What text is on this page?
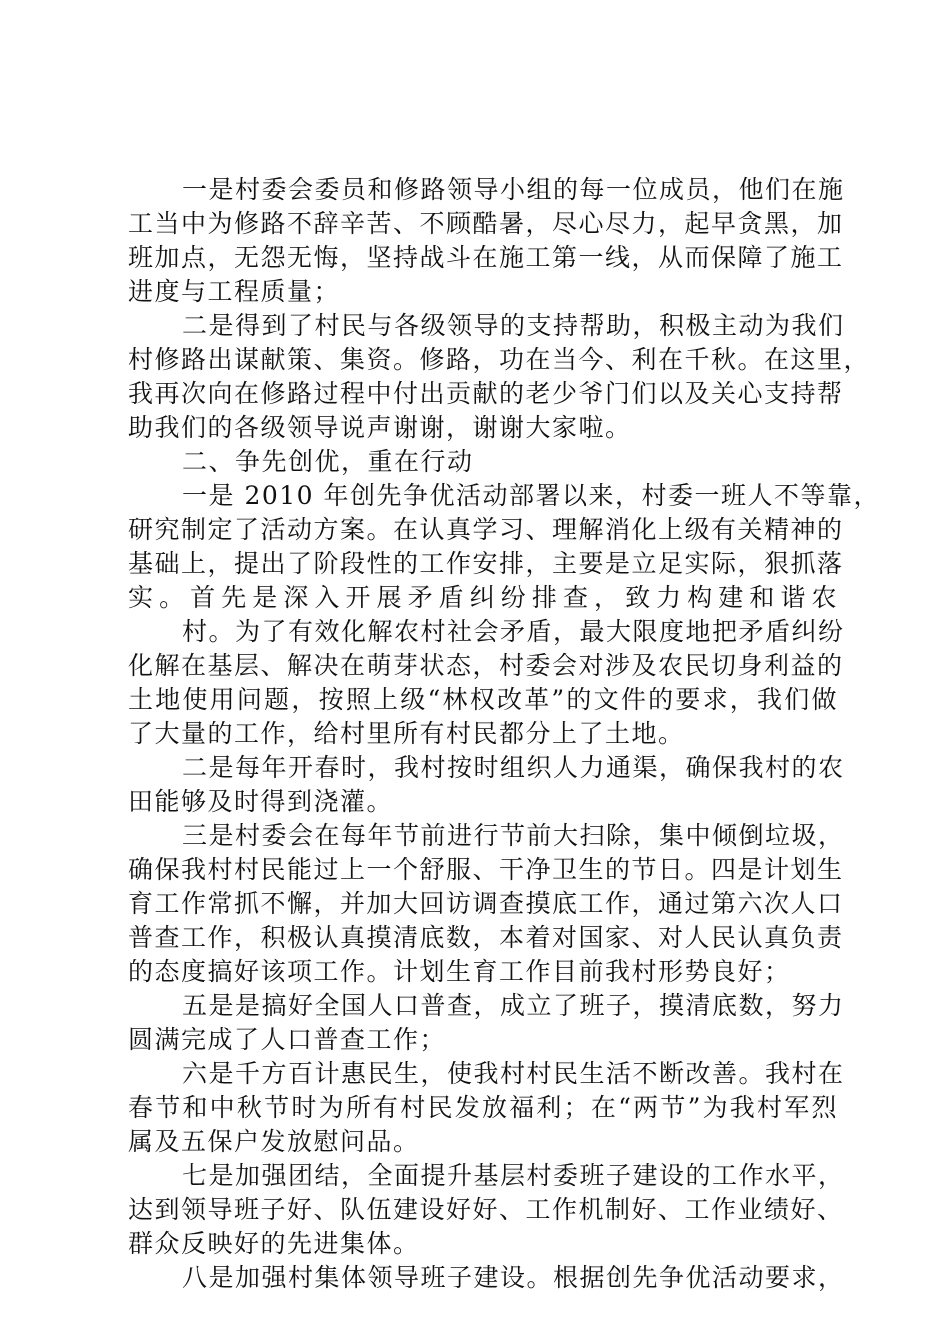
一是村委会委员和修路领导小组的每一位成员，他们在施
工当中为修路不辞辛苦、不顾酷暑，尽心尽力，起早贪黑，加
班加点，无怨无悔，坚持战斗在施工第一线，从而保障了施工
进度与工程质量；
二是得到了村民与各级领导的支持帮助，积极主动为我们
村修路出谋献策、集资。修路，功在当今、利在千秋。在这里，
我再次向在修路过程中付出贡献的老少爷门们以及关心支持帮
助我们的各级领导说声谢谢，谢谢大家啦。
二、争先创优，重在行动
一是 2010 年创先争优活动部署以来，村委一班人不等靠，
研究制定了活动方案。在认真学习、理解消化上级有关精神的
基础上，提出了阶段性的工作安排，主要是立足实际，狠抓落
实。首先是深入开展矛盾纠纷排查，致力构建和谐农
村。为了有效化解农村社会矛盾，最大限度地把矛盾纠纷
化解在基层、解决在萌芽状态，村委会对涉及农民切身利益的
土地使用问题，按照上级“林权改革”的文件的要求，我们做
了大量的工作，给村里所有村民都分上了土地。
二是每年开春时，我村按时组织人力通渠，确保我村的农
田能够及时得到浇灌。
三是村委会在每年节前进行节前大扫除，集中倾倒垃圾，
确保我村村民能过上一个舒服、干净卫生的节日。四是计划生
育工作常抓不懈，并加大回访调查摸底工作，通过第六次人口
普查工作，积极认真摸清底数，本着对国家、对人民认真负责
的态度搞好该项工作。计划生育工作目前我村形势良好；
五是是搞好全国人口普查，成立了班子，摸清底数，努力
圆满完成了人口普查工作；
六是千方百计惠民生，使我村村民生活不断改善。我村在
春节和中秋节时为所有村民发放福利；在“两节”为我村军烈
属及五保户发放慰问品。
七是加强团结，全面提升基层村委班子建设的工作水平，
达到领导班子好、队伍建设好好、工作机制好、工作业绩好、
群众反映好的先进集体。
八是加强村集体领导班子建设。根据创先争优活动要求，
